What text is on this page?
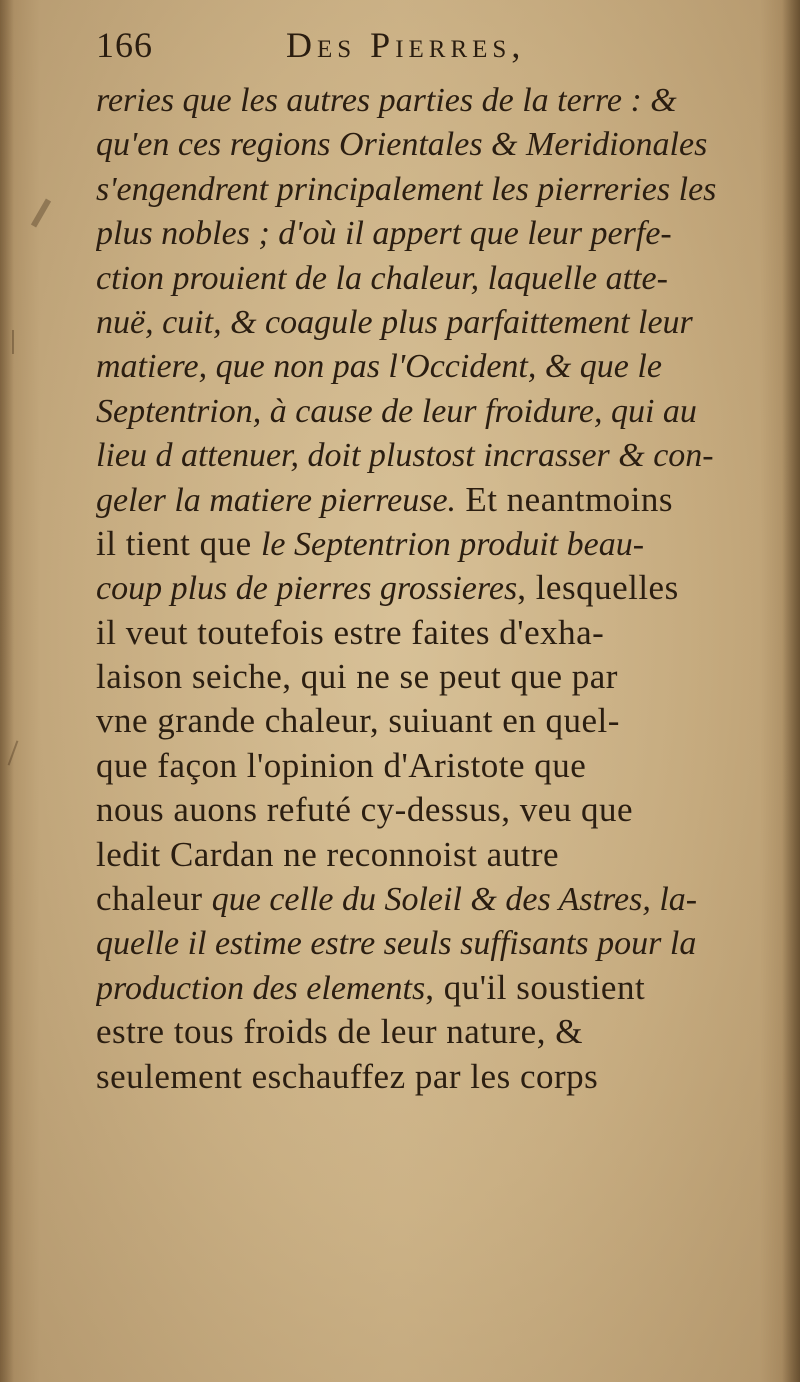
166	Des Pierres,
reries que les autres parties de la terre : &
qu'en ces regions Orientales & Meridionales
s'engendrent principalement les pierreries les
plus nobles ; d'où il appert que leur perfe-
ction prouient de la chaleur, laquelle atte-
nuë, cuit, & coagule plus parfaittement leur
matiere, que non pas l'Occident, & que le
Septentrion, à cause de leur froidure, qui au
lieu d attenuer, doit plustost incrasser & con-
geler la matiere pierreuse. Et neantmoins
il tient que le Septentrion produit beau-
coup plus de pierres grossieres, lesquelles
il veut toutefois estre faites d'exha-
laison seiche, qui ne se peut que par
vne grande chaleur, suiuant en quel-
que façon l'opinion d'Aristote que
nous auons refuté cy-dessus, veu que
ledit Cardan ne reconnoist autre
chaleur que celle du Soleil & des Astres, la-
quelle il estime estre seuls suffisants pour la
production des elements, qu'il soustient
estre tous froids de leur nature, &
seulement eschauffez par les corps
